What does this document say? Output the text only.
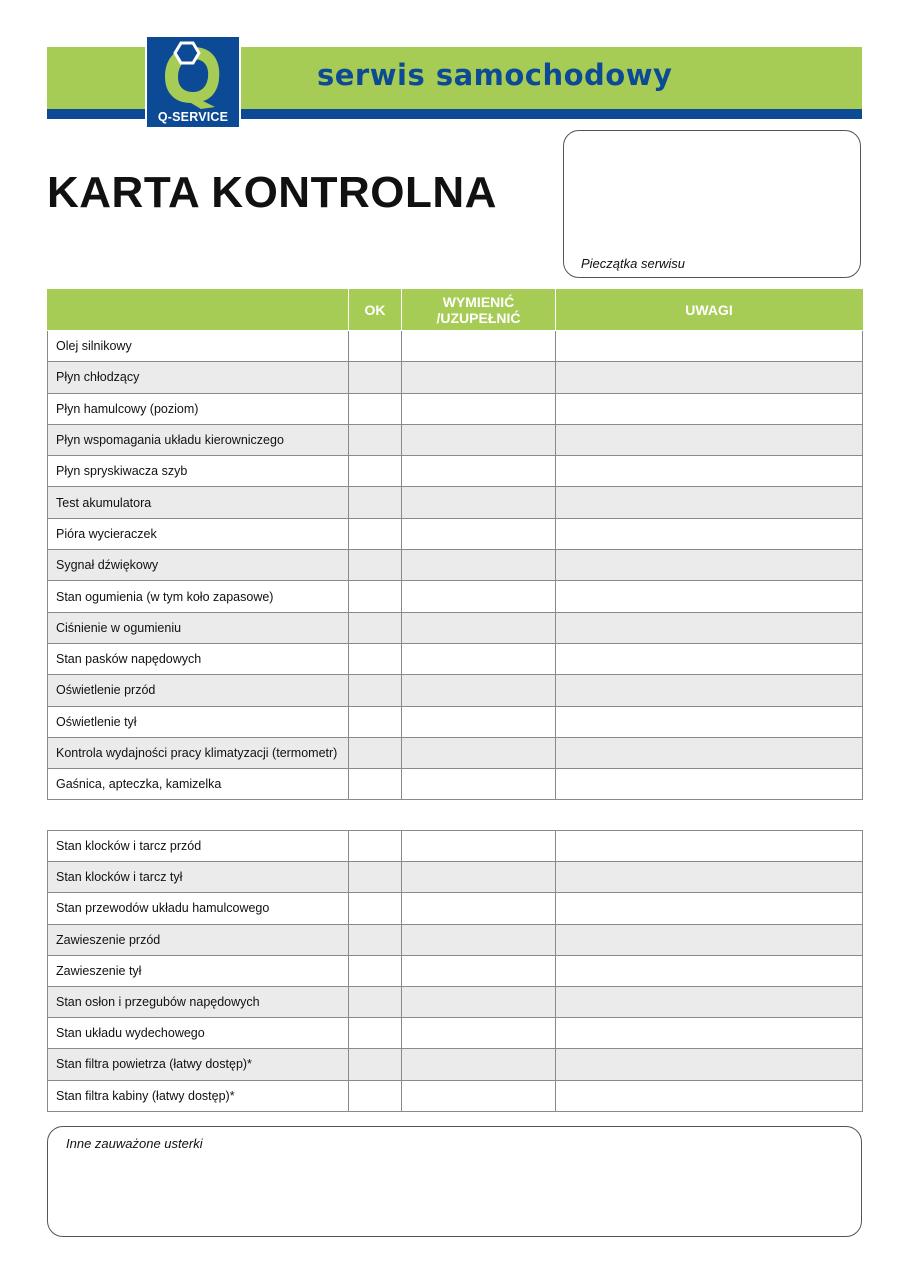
Q-SERVICE
serwis samochodowy
KARTA KONTROLNA
Pieczątka serwisu
	OK	WYMIENIĆ /UZUPEŁNIĆ	UWAGI
Olej silnikowy			
Płyn chłodzący			
Płyn hamulcowy (poziom)			
Płyn wspomagania układu kierowniczego			
Płyn spryskiwacza szyb			
Test akumulatora			
Pióra wycieraczek			
Sygnał dźwiękowy			
Stan ogumienia (w tym koło zapasowe)			
Ciśnienie w ogumieniu			
Stan pasków napędowych			
Oświetlenie przód			
Oświetlenie tył			
Kontrola wydajności pracy klimatyzacji (termometr)			
Gaśnica, apteczka, kamizelka			
Stan klocków i tarcz przód			
Stan klocków i tarcz tył			
Stan przewodów układu hamulcowego			
Zawieszenie przód			
Zawieszenie tył			
Stan osłon i przegubów napędowych			
Stan układu wydechowego			
Stan filtra powietrza (łatwy dostęp)*			
Stan filtra kabiny (łatwy dostęp)*			
Inne zauważone usterki
